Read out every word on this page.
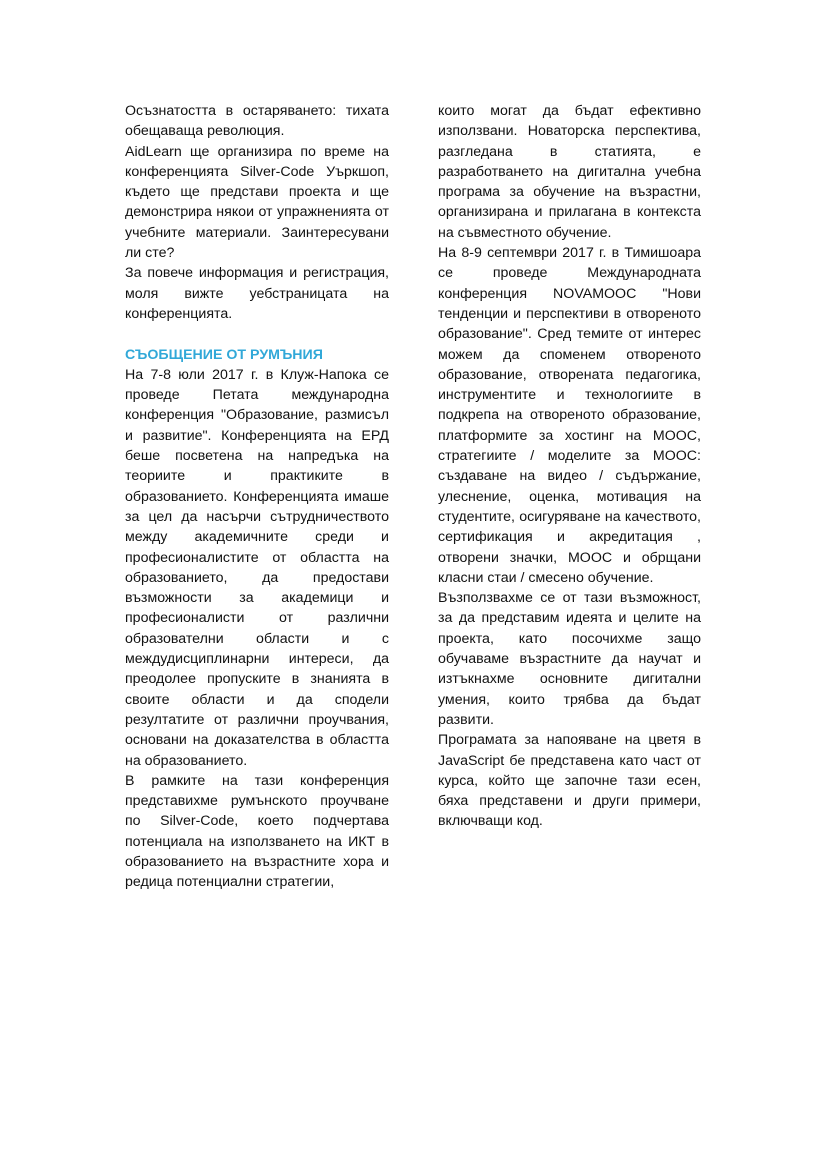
Осъзнатостта в остаряването: тихата обещаваща революция.

AidLearn ще организира по време на конференцията Silver-Code Уъркшоп, където ще представи проекта и ще демонстрира някои от упражненията от учебните материали. Заинтересувани ли сте?

За повече информация и регистрация, моля вижте уебстраницата на конференцията.

СЪОБЩЕНИЕ ОТ РУМЪНИЯ

На 7-8 юли 2017 г. в Клуж-Напока се проведе Петата международна конференция "Образование, размисъл и развитие". Конференцията на ЕРД беше посветена на напредъка на теориите и практиките в образованието. Конференцията имаше за цел да насърчи сътрудничеството между академичните среди и професионалистите от областта на образованието, да предостави възможности за академици и професионалисти от различни образователни области и с междудисциплинарни интереси, да преодолее пропуските в знанията в своите области и да сподели резултатите от различни проучвания, основани на доказателства в областта на образованието.

В рамките на тази конференция представихме румънското проучване по Silver-Code, което подчертава потенциала на използването на ИКТ в образованието на възрастните хора и редица потенциални стратегии,

които могат да бъдат ефективно използвани. Новаторска перспектива, разгледана в статията, е разработването на дигитална учебна програма за обучение на възрастни, организирана и прилагана в контекста на съвместното обучение.

На 8-9 септември 2017 г. в Тимишоара се проведе Международната конференция NOVAMOOC "Нови тенденции и перспективи в отвореното образование". Сред темите от интерес можем да споменем отвореното образование, отворената педагогика, инструментите и технологиите в подкрепа на отвореното образование, платформите за хостинг на MOOC, стратегиите / моделите за MOOC: създаване на видео / съдържание, улеснение, оценка, мотивация на студентите, осигуряване на качеството, сертификация и акредитация , отворени значки, MOOC и обрщани класни стаи / смесено обучение.

Възползвахме се от тази възможност, за да представим идеята и целите на проекта, като посочихме защо обучаваме възрастните да научат и изтъкнахме основните дигитални умения, които трябва да бъдат развити.

Програмата за напояване на цветя в JavaScript бе представена като част от курса, който ще започне тази есен, бяха представени и други примери, включващи код.
